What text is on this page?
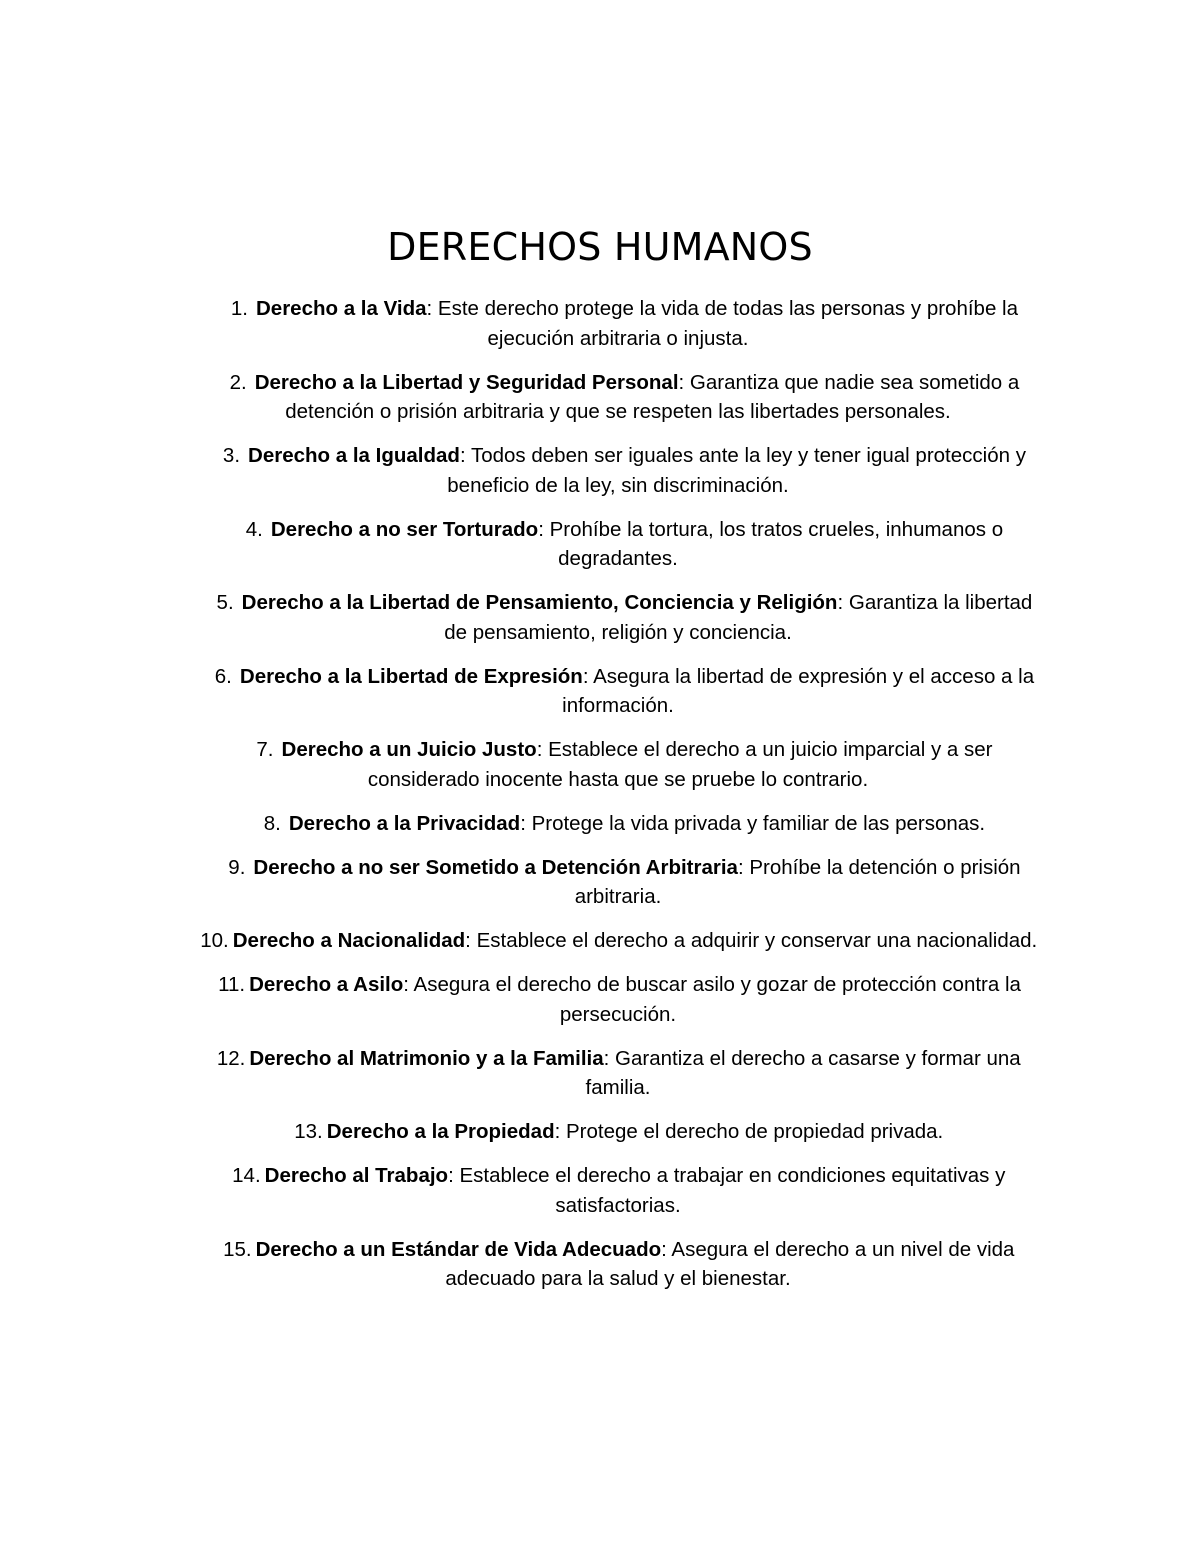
DERECHOS HUMANOS
1. Derecho a la Vida: Este derecho protege la vida de todas las personas y prohíbe la ejecución arbitraria o injusta.
2. Derecho a la Libertad y Seguridad Personal: Garantiza que nadie sea sometido a detención o prisión arbitraria y que se respeten las libertades personales.
3. Derecho a la Igualdad: Todos deben ser iguales ante la ley y tener igual protección y beneficio de la ley, sin discriminación.
4. Derecho a no ser Torturado: Prohíbe la tortura, los tratos crueles, inhumanos o degradantes.
5. Derecho a la Libertad de Pensamiento, Conciencia y Religión: Garantiza la libertad de pensamiento, religión y conciencia.
6. Derecho a la Libertad de Expresión: Asegura la libertad de expresión y el acceso a la información.
7. Derecho a un Juicio Justo: Establece el derecho a un juicio imparcial y a ser considerado inocente hasta que se pruebe lo contrario.
8. Derecho a la Privacidad: Protege la vida privada y familiar de las personas.
9. Derecho a no ser Sometido a Detención Arbitraria: Prohíbe la detención o prisión arbitraria.
10. Derecho a Nacionalidad: Establece el derecho a adquirir y conservar una nacionalidad.
11. Derecho a Asilo: Asegura el derecho de buscar asilo y gozar de protección contra la persecución.
12. Derecho al Matrimonio y a la Familia: Garantiza el derecho a casarse y formar una familia.
13. Derecho a la Propiedad: Protege el derecho de propiedad privada.
14. Derecho al Trabajo: Establece el derecho a trabajar en condiciones equitativas y satisfactorias.
15. Derecho a un Estándar de Vida Adecuado: Asegura el derecho a un nivel de vida adecuado para la salud y el bienestar.
